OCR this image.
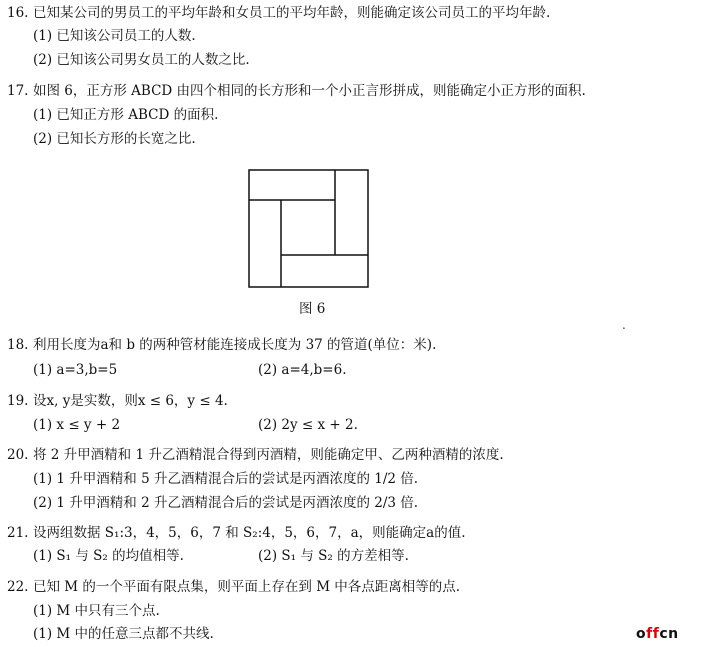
16. 已知某公司的男员工的平均年龄和女员工的平均年龄，则能确定该公司员工的平均年龄.
(1) 已知该公司员工的人数.
(2) 已知该公司男女员工的人数之比.
17. 如图 6，正方形 ABCD 由四个相同的长方形和一个小正言形拼成，则能确定小正方形的面积.
(1) 已知正方形 ABCD 的面积.
(2) 已知长方形的长宽之比.
图 6
.
18. 利用长度为a和 b 的两种管材能连接成长度为 37 的管道(单位：米).
(1) a=3,b=5	(2) a=4,b=6.
19. 设x, y是实数，则x ≤ 6，y ≤ 4.
(1) x ≤ y + 2	(2) 2y ≤ x + 2.
20. 将 2 升甲酒精和 1 升乙酒精混合得到丙酒精，则能确定甲、乙两种酒精的浓度.
(1) 1 升甲酒精和 5 升乙酒精混合后的尝试是丙酒浓度的 1/2 倍.
(2) 1 升甲酒精和 2 升乙酒精混合后的尝试是丙酒浓度的 2/3 倍.
21. 设两组数据 S₁:3，4，5，6，7 和 S₂:4，5，6，7，a，则能确定a的值.
(1) S₁ 与 S₂ 的均值相等.	(2) S₁ 与 S₂ 的方差相等.
22. 已知 M 的一个平面有限点集，则平面上存在到 M 中各点距离相等的点.
(1) M 中只有三个点.
(1) M 中的任意三点都不共线.	offcn
